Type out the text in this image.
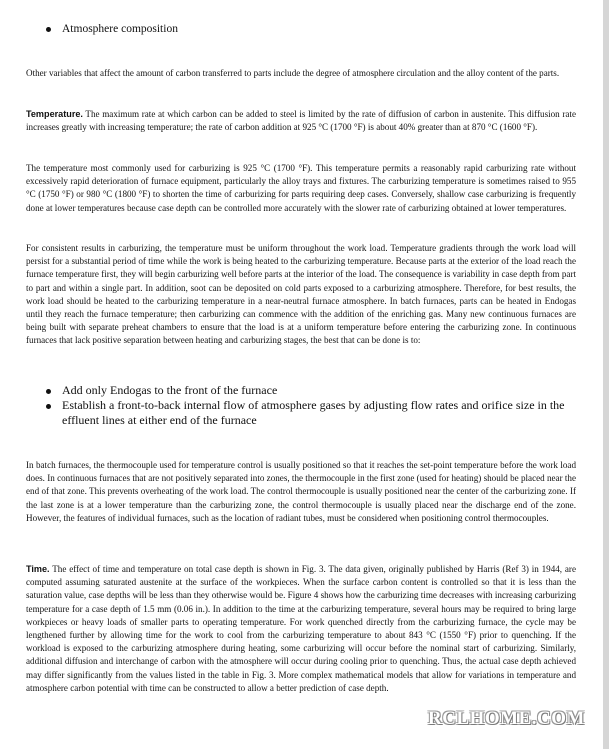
Atmosphere composition

Other variables that affect the amount of carbon transferred to parts include the degree of atmosphere circulation and the alloy content of the parts.

Temperature. The maximum rate at which carbon can be added to steel is limited by the rate of diffusion of carbon in austenite. This diffusion rate increases greatly with increasing temperature; the rate of carbon addition at 925 °C (1700 °F) is about 40% greater than at 870 °C (1600 °F).

The temperature most commonly used for carburizing is 925 °C (1700 °F). This temperature permits a reasonably rapid carburizing rate without excessively rapid deterioration of furnace equipment, particularly the alloy trays and fixtures. The carburizing temperature is sometimes raised to 955 °C (1750 °F) or 980 °C (1800 °F) to shorten the time of carburizing for parts requiring deep cases. Conversely, shallow case carburizing is frequently done at lower temperatures because case depth can be controlled more accurately with the slower rate of carburizing obtained at lower temperatures.

For consistent results in carburizing, the temperature must be uniform throughout the work load. Temperature gradients through the work load will persist for a substantial period of time while the work is being heated to the carburizing temperature. Because parts at the exterior of the load reach the furnace temperature first, they will begin carburizing well before parts at the interior of the load. The consequence is variability in case depth from part to part and within a single part. In addition, soot can be deposited on cold parts exposed to a carburizing atmosphere. Therefore, for best results, the work load should be heated to the carburizing temperature in a near-neutral furnace atmosphere. In batch furnaces, parts can be heated in Endogas until they reach the furnace temperature; then carburizing can commence with the addition of the enriching gas. Many new continuous furnaces are being built with separate preheat chambers to ensure that the load is at a uniform temperature before entering the carburizing zone. In continuous furnaces that lack positive separation between heating and carburizing stages, the best that can be done is to:

Add only Endogas to the front of the furnace
Establish a front-to-back internal flow of atmosphere gases by adjusting flow rates and orifice size in the effluent lines at either end of the furnace

In batch furnaces, the thermocouple used for temperature control is usually positioned so that it reaches the set-point temperature before the work load does. In continuous furnaces that are not positively separated into zones, the thermocouple in the first zone (used for heating) should be placed near the end of that zone. This prevents overheating of the work load. The control thermocouple is usually positioned near the center of the carburizing zone. If the last zone is at a lower temperature than the carburizing zone, the control thermocouple is usually placed near the discharge end of the zone. However, the features of individual furnaces, such as the location of radiant tubes, must be considered when positioning control thermocouples.

Time. The effect of time and temperature on total case depth is shown in Fig. 3. The data given, originally published by Harris (Ref 3) in 1944, are computed assuming saturated austenite at the surface of the workpieces. When the surface carbon content is controlled so that it is less than the saturation value, case depths will be less than they otherwise would be. Figure 4 shows how the carburizing time decreases with increasing carburizing temperature for a case depth of 1.5 mm (0.06 in.). In addition to the time at the carburizing temperature, several hours may be required to bring large workpieces or heavy loads of smaller parts to operating temperature. For work quenched directly from the carburizing furnace, the cycle may be lengthened further by allowing time for the work to cool from the carburizing temperature to about 843 °C (1550 °F) prior to quenching. If the workload is exposed to the carburizing atmosphere during heating, some carburizing will occur before the nominal start of carburizing. Similarly, additional diffusion and interchange of carbon with the atmosphere will occur during cooling prior to quenching. Thus, the actual case depth achieved may differ significantly from the values listed in the table in Fig. 3. More complex mathematical models that allow for variations in temperature and atmosphere carbon potential with time can be constructed to allow a better prediction of case depth.

RCLHOME.COM
